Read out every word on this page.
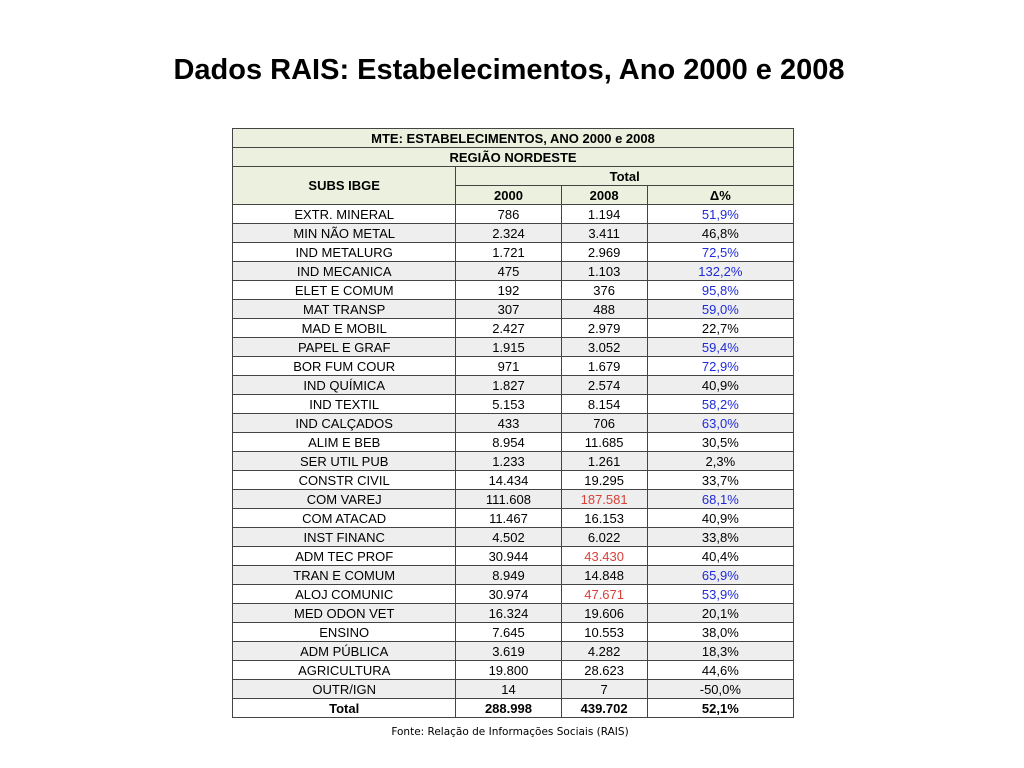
Dados RAIS: Estabelecimentos, Ano 2000 e 2008
MTE: ESTABELECIMENTOS, ANO 2000 e 2008			
REGIÃO NORDESTE			
SUBS IBGE	Total		
	2000	2008	Δ%
EXTR. MINERAL	786	1.194	51,9%
MIN NÃO METAL	2.324	3.411	46,8%
IND METALURG	1.721	2.969	72,5%
IND MECANICA	475	1.103	132,2%
ELET E COMUM	192	376	95,8%
MAT TRANSP	307	488	59,0%
MAD E MOBIL	2.427	2.979	22,7%
PAPEL E GRAF	1.915	3.052	59,4%
BOR FUM COUR	971	1.679	72,9%
IND QUÍMICA	1.827	2.574	40,9%
IND TEXTIL	5.153	8.154	58,2%
IND CALÇADOS	433	706	63,0%
ALIM E BEB	8.954	11.685	30,5%
SER UTIL PUB	1.233	1.261	2,3%
CONSTR CIVIL	14.434	19.295	33,7%
COM VAREJ	111.608	187.581	68,1%
COM ATACAD	11.467	16.153	40,9%
INST FINANC	4.502	6.022	33,8%
ADM TEC PROF	30.944	43.430	40,4%
TRAN E COMUM	8.949	14.848	65,9%
ALOJ COMUNIC	30.974	47.671	53,9%
MED ODON VET	16.324	19.606	20,1%
ENSINO	7.645	10.553	38,0%
ADM PÚBLICA	3.619	4.282	18,3%
AGRICULTURA	19.800	28.623	44,6%
OUTR/IGN	14	7	-50,0%
Total	288.998	439.702	52,1%
Fonte: Relação de Informações Sociais (RAIS)
